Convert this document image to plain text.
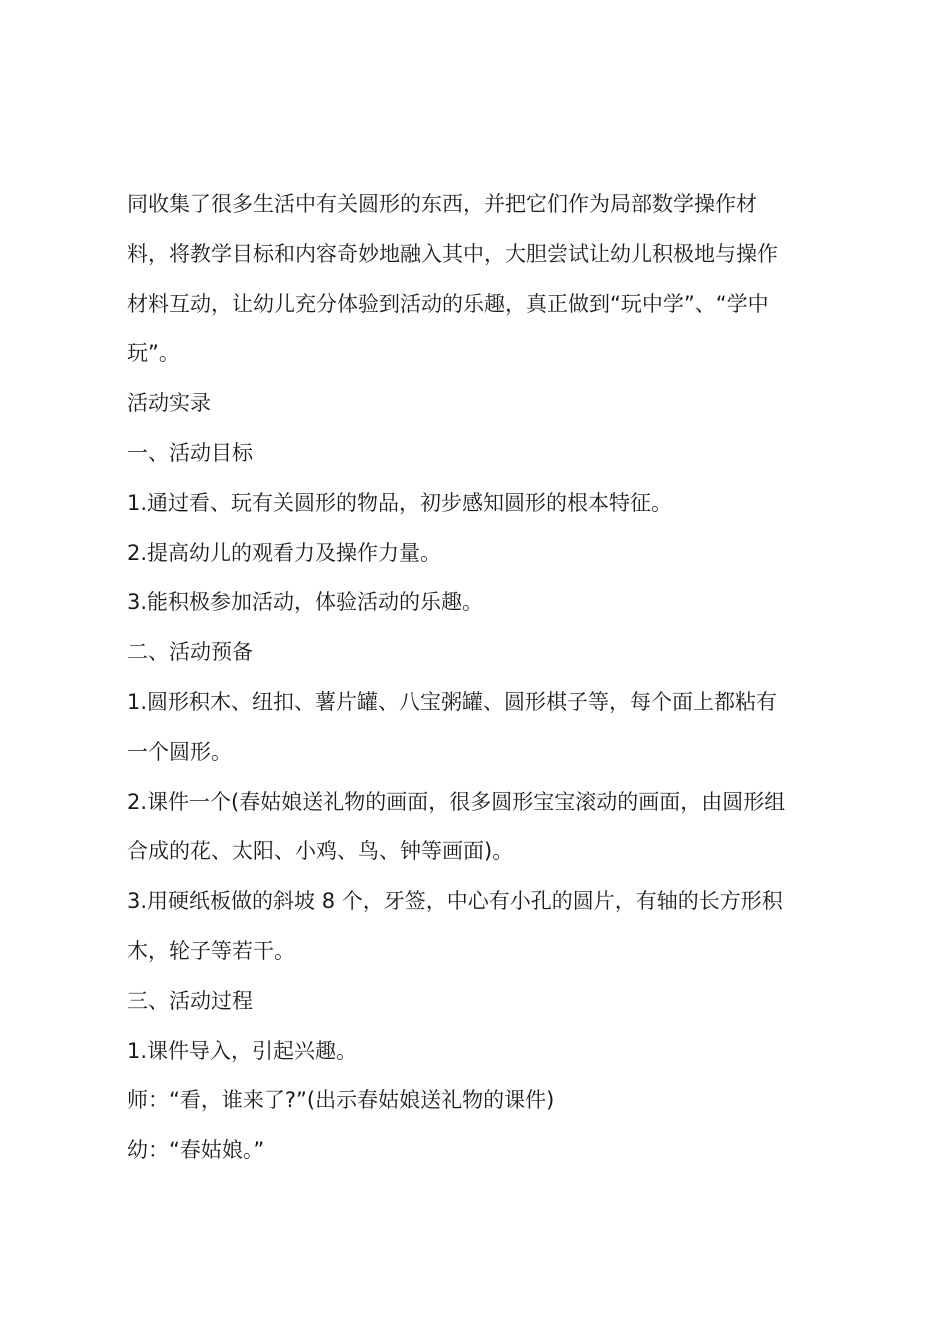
同收集了很多生活中有关圆形的东西，并把它们作为局部数学操作材
料，将教学目标和内容奇妙地融入其中，大胆尝试让幼儿积极地与操作
材料互动，让幼儿充分体验到活动的乐趣，真正做到“玩中学”、“学中
玩”。

活动实录

一、活动目标

1.通过看、玩有关圆形的物品，初步感知圆形的根本特征。

2.提高幼儿的观看力及操作力量。

3.能积极参加活动，体验活动的乐趣。

二、活动预备

1.圆形积木、纽扣、薯片罐、八宝粥罐、圆形棋子等，每个面上都粘有
一个圆形。

2.课件一个(春姑娘送礼物的画面，很多圆形宝宝滚动的画面，由圆形组
合成的花、太阳、小鸡、鸟、钟等画面)。

3.用硬纸板做的斜坡 8 个，牙签，中心有小孔的圆片，有轴的长方形积
木，轮子等若干。

三、活动过程

1.课件导入，引起兴趣。

师：“看，谁来了?”(出示春姑娘送礼物的课件)

幼：“春姑娘。”
